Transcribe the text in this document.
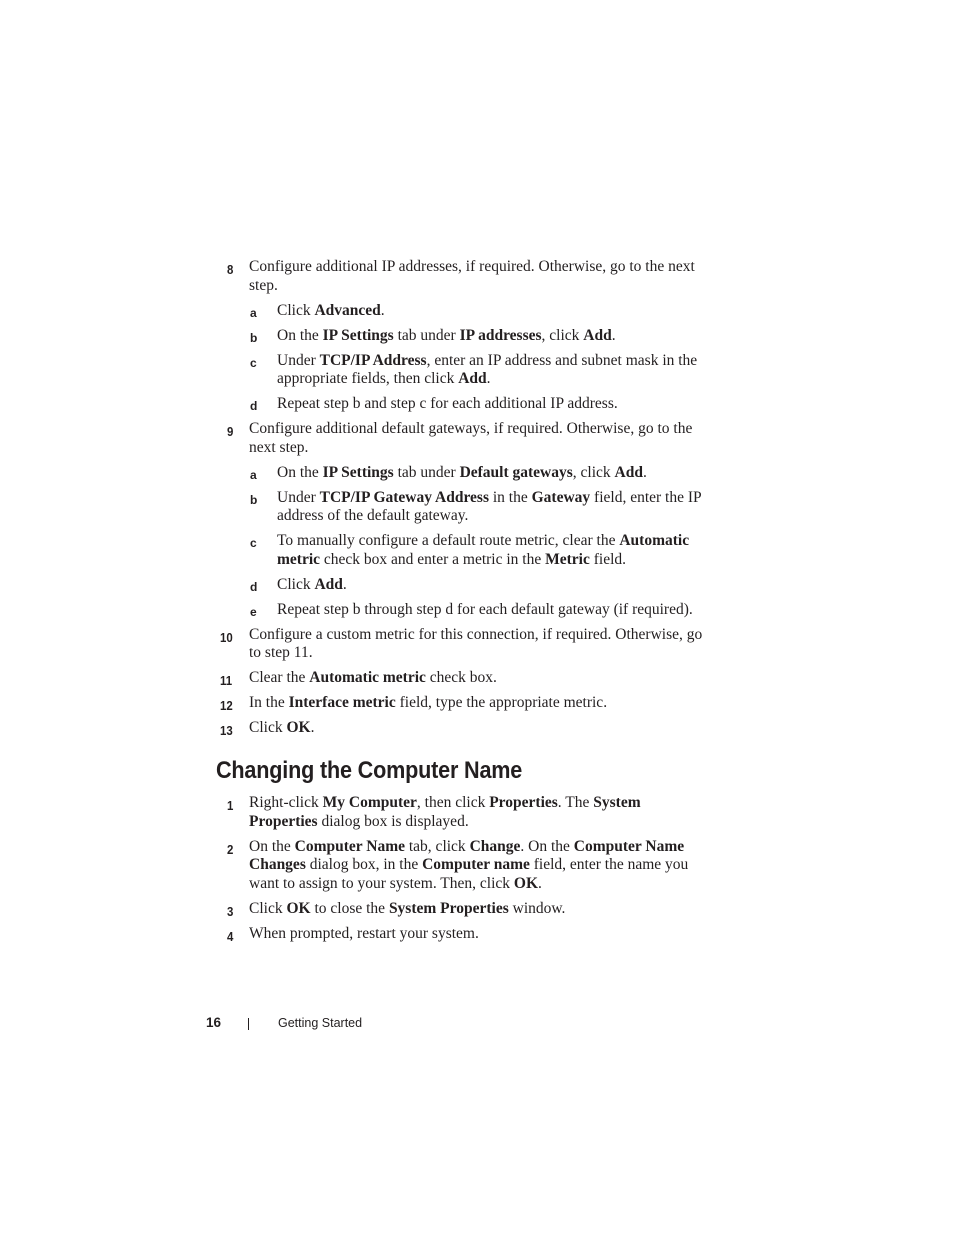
8	Configure additional IP addresses, if required. Otherwise, go to the next step.
a Click Advanced.
b On the IP Settings tab under IP addresses, click Add.
c Under TCP/IP Address, enter an IP address and subnet mask in the appropriate fields, then click Add.
d Repeat step b and step c for each additional IP address.
9	Configure additional default gateways, if required. Otherwise, go to the next step.
a On the IP Settings tab under Default gateways, click Add.
b Under TCP/IP Gateway Address in the Gateway field, enter the IP address of the default gateway.
c To manually configure a default route metric, clear the Automatic metric check box and enter a metric in the Metric field.
d Click Add.
e Repeat step b through step d for each default gateway (if required).
10	Configure a custom metric for this connection, if required. Otherwise, go to step 11.
11	Clear the Automatic metric check box.
12	In the Interface metric field, type the appropriate metric.
13	Click OK.
Changing the Computer Name
1	Right-click My Computer, then click Properties. The System Properties dialog box is displayed.
2	On the Computer Name tab, click Change. On the Computer Name Changes dialog box, in the Computer name field, enter the name you want to assign to your system. Then, click OK.
3	Click OK to close the System Properties window.
4	When prompted, restart your system.
16	Getting Started
